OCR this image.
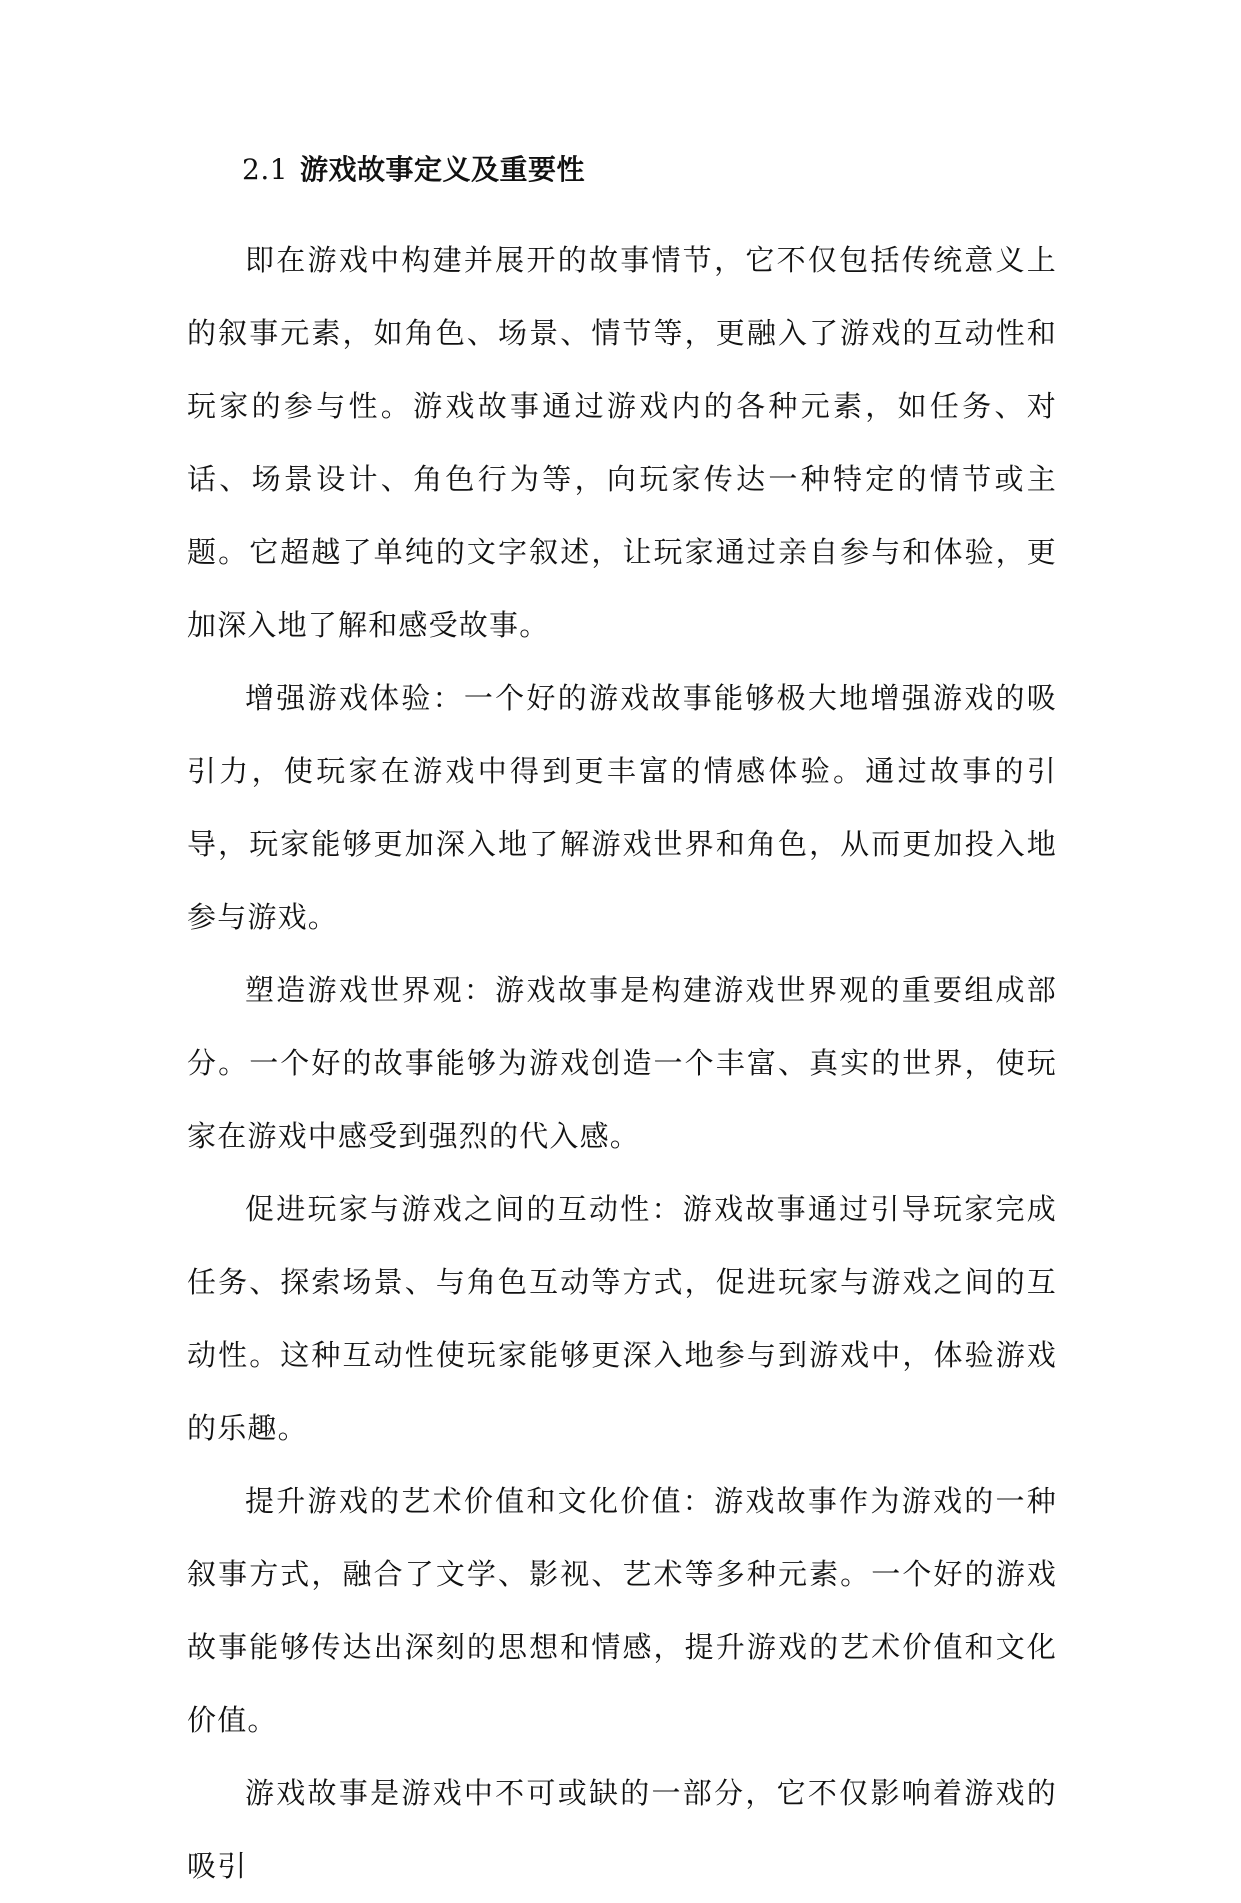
2.1 游戏故事定义及重要性

即在游戏中构建并展开的故事情节，它不仅包括传统意义上的叙事元素，如角色、场景、情节等，更融入了游戏的互动性和玩家的参与性。游戏故事通过游戏内的各种元素，如任务、对话、场景设计、角色行为等，向玩家传达一种特定的情节或主题。它超越了单纯的文字叙述，让玩家通过亲自参与和体验，更加深入地了解和感受故事。

增强游戏体验：一个好的游戏故事能够极大地增强游戏的吸引力，使玩家在游戏中得到更丰富的情感体验。通过故事的引导，玩家能够更加深入地了解游戏世界和角色，从而更加投入地参与游戏。

塑造游戏世界观：游戏故事是构建游戏世界观的重要组成部分。一个好的故事能够为游戏创造一个丰富、真实的世界，使玩家在游戏中感受到强烈的代入感。

促进玩家与游戏之间的互动性：游戏故事通过引导玩家完成任务、探索场景、与角色互动等方式，促进玩家与游戏之间的互动性。这种互动性使玩家能够更深入地参与到游戏中，体验游戏的乐趣。

提升游戏的艺术价值和文化价值：游戏故事作为游戏的一种叙事方式，融合了文学、影视、艺术等多种元素。一个好的游戏故事能够传达出深刻的思想和情感，提升游戏的艺术价值和文化价值。

游戏故事是游戏中不可或缺的一部分，它不仅影响着游戏的吸引
